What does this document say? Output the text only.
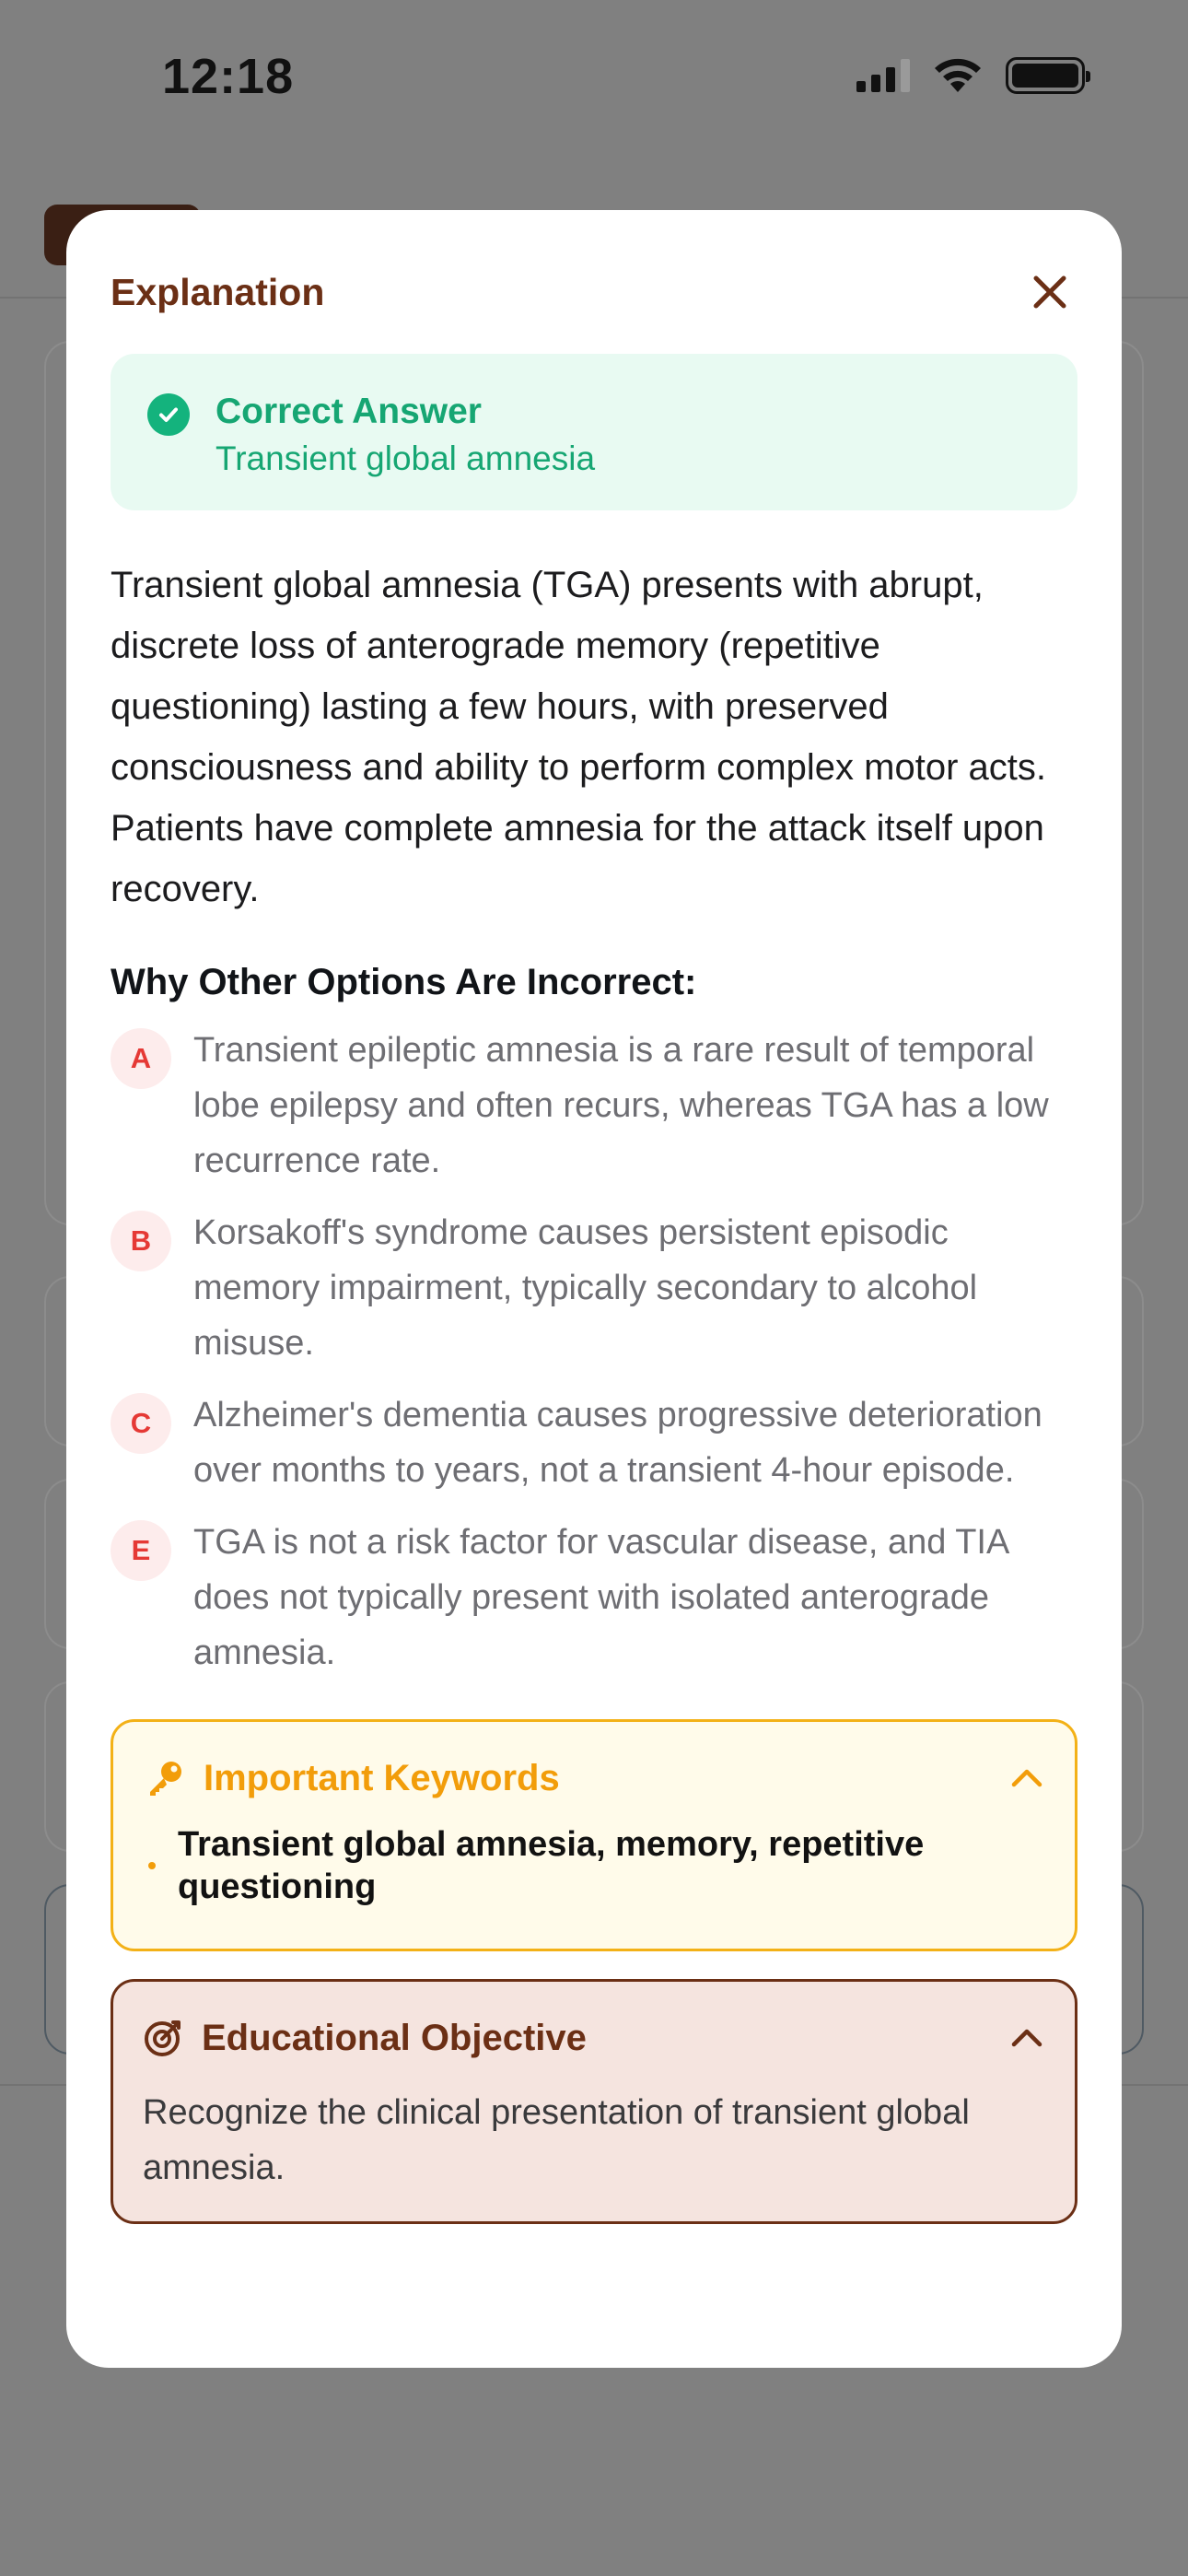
12:18
Explanation
Correct Answer
Transient global amnesia

Transient global amnesia (TGA) presents with abrupt, discrete loss of anterograde memory (repetitive questioning) lasting a few hours, with preserved consciousness and ability to perform complex motor acts. Patients have complete amnesia for the attack itself upon recovery.

Why Other Options Are Incorrect:
A	Transient epileptic amnesia is a rare result of temporal lobe epilepsy and often recurs, whereas TGA has a low recurrence rate.
B	Korsakoff's syndrome causes persistent episodic memory impairment, typically secondary to alcohol misuse.
C	Alzheimer's dementia causes progressive deterioration over months to years, not a transient 4-hour episode.
E	TGA is not a risk factor for vascular disease, and TIA does not typically present with isolated anterograde amnesia.
Important Keywords
Transient global amnesia, memory, repetitive questioning
Educational Objective

Recognize the clinical presentation of transient global amnesia.
